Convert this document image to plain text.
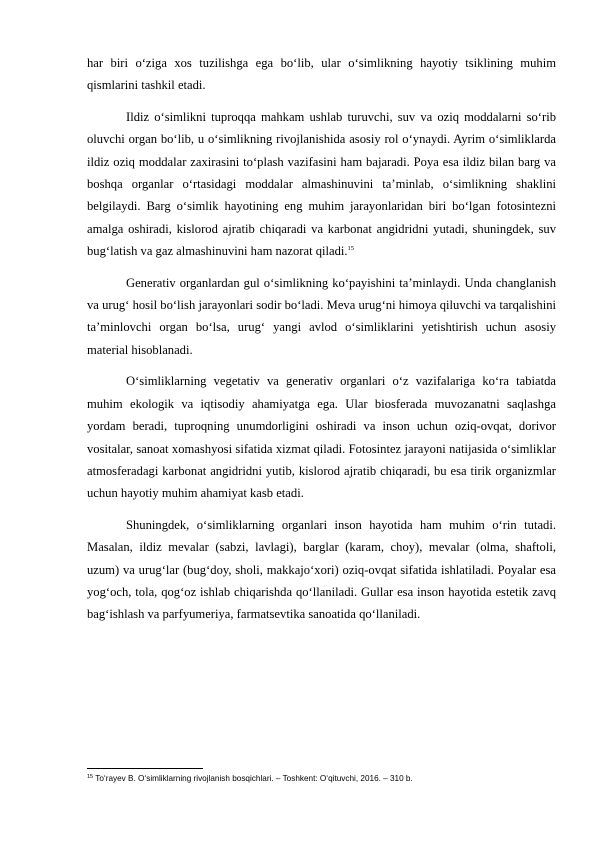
har biri o‘ziga xos tuzilishga ega bo‘lib, ular o‘simlikning hayotiy tsiklining muhim qismlarini tashkil etadi.

Ildiz o‘simlikni tuproqqa mahkam ushlab turuvchi, suv va oziq moddalarni so‘rib oluvchi organ bo‘lib, u o‘simlikning rivojlanishida asosiy rol o‘ynaydi. Ayrim o‘simliklarda ildiz oziq moddalar zaxirasini to‘plash vazifasini ham bajaradi. Poya esa ildiz bilan barg va boshqa organlar o‘rtasidagi moddalar almashinuvini ta’minlab, o‘simlikning shaklini belgilaydi. Barg o‘simlik hayotining eng muhim jarayonlaridan biri bo‘lgan fotosintezni amalga oshiradi, kislorod ajratib chiqaradi va karbonat angidridni yutadi, shuningdek, suv bug‘latish va gaz almashinuvini ham nazorat qiladi.$^{15}$

Generativ organlardan gul o‘simlikning ko‘payishini ta’minlaydi. Unda changlanish va urug‘ hosil bo‘lish jarayonlari sodir bo‘ladi. Meva urug‘ni himoya qiluvchi va tarqalishini ta’minlovchi organ bo‘lsa, urug‘ yangi avlod o‘simliklarini yetishtirish uchun asosiy material hisoblanadi.

O‘simliklarning vegetativ va generativ organlari o‘z vazifalariga ko‘ra tabiatda muhim ekologik va iqtisodiy ahamiyatga ega. Ular biosferada muvozanatni saqlashga yordam beradi, tuproqning unumdorligini oshiradi va inson uchun oziq-ovqat, dorivor vositalar, sanoat xomashyosi sifatida xizmat qiladi. Fotosintez jarayoni natijasida o‘simliklar atmosferadagi karbonat angidridni yutib, kislorod ajratib chiqaradi, bu esa tirik organizmlar uchun hayotiy muhim ahamiyat kasb etadi.

Shuningdek, o‘simliklarning organlari inson hayotida ham muhim o‘rin tutadi. Masalan, ildiz mevalar (sabzi, lavlagi), barglar (karam, choy), mevalar (olma, shaftoli, uzum) va urug‘lar (bug‘doy, sholi, makkajo‘xori) oziq-ovqat sifatida ishlatiladi. Poyalar esa yog‘och, tola, qog‘oz ishlab chiqarishda qo‘llaniladi. Gullar esa inson hayotida estetik zavq bag‘ishlash va parfyumeriya, farmatsevtika sanoatida qo‘llaniladi.

$^{15}$ To‘rayev B. O‘simliklarning rivojlanish bosqichlari. – Toshkent: O‘qituvchi, 2016. – 310 b.
